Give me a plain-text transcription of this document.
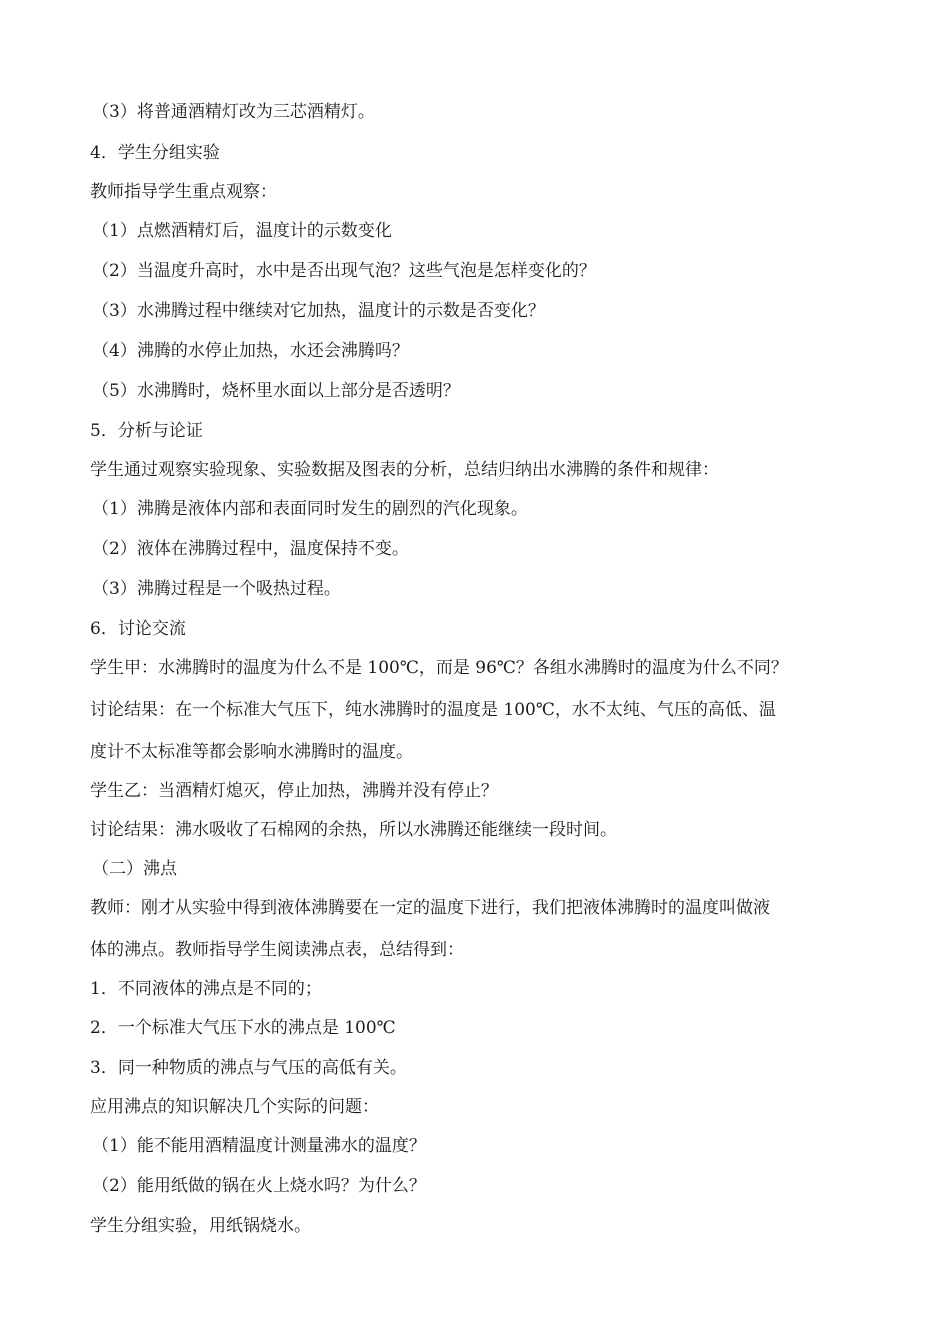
（3）将普通酒精灯改为三芯酒精灯。
4．学生分组实验
教师指导学生重点观察：
（1）点燃酒精灯后，温度计的示数变化
（2）当温度升高时，水中是否出现气泡？这些气泡是怎样变化的？
（3）水沸腾过程中继续对它加热，温度计的示数是否变化？
（4）沸腾的水停止加热，水还会沸腾吗？
（5）水沸腾时，烧杯里水面以上部分是否透明？
5．分析与论证
学生通过观察实验现象、实验数据及图表的分析，总结归纳出水沸腾的条件和规律：
（1）沸腾是液体内部和表面同时发生的剧烈的汽化现象。
（2）液体在沸腾过程中，温度保持不变。
（3）沸腾过程是一个吸热过程。
6．讨论交流
学生甲：水沸腾时的温度为什么不是 100℃，而是 96℃？各组水沸腾时的温度为什么不同？
讨论结果：在一个标准大气压下，纯水沸腾时的温度是 100℃，水不太纯、气压的高低、温
度计不太标准等都会影响水沸腾时的温度。
学生乙：当酒精灯熄灭，停止加热，沸腾并没有停止？
讨论结果：沸水吸收了石棉网的余热，所以水沸腾还能继续一段时间。
（二）沸点
教师：刚才从实验中得到液体沸腾要在一定的温度下进行，我们把液体沸腾时的温度叫做液
体的沸点。教师指导学生阅读沸点表，总结得到：
1．不同液体的沸点是不同的；
2．一个标准大气压下水的沸点是 100℃
3．同一种物质的沸点与气压的高低有关。
应用沸点的知识解决几个实际的问题：
（1）能不能用酒精温度计测量沸水的温度？
（2）能用纸做的锅在火上烧水吗？为什么？
学生分组实验，用纸锅烧水。
